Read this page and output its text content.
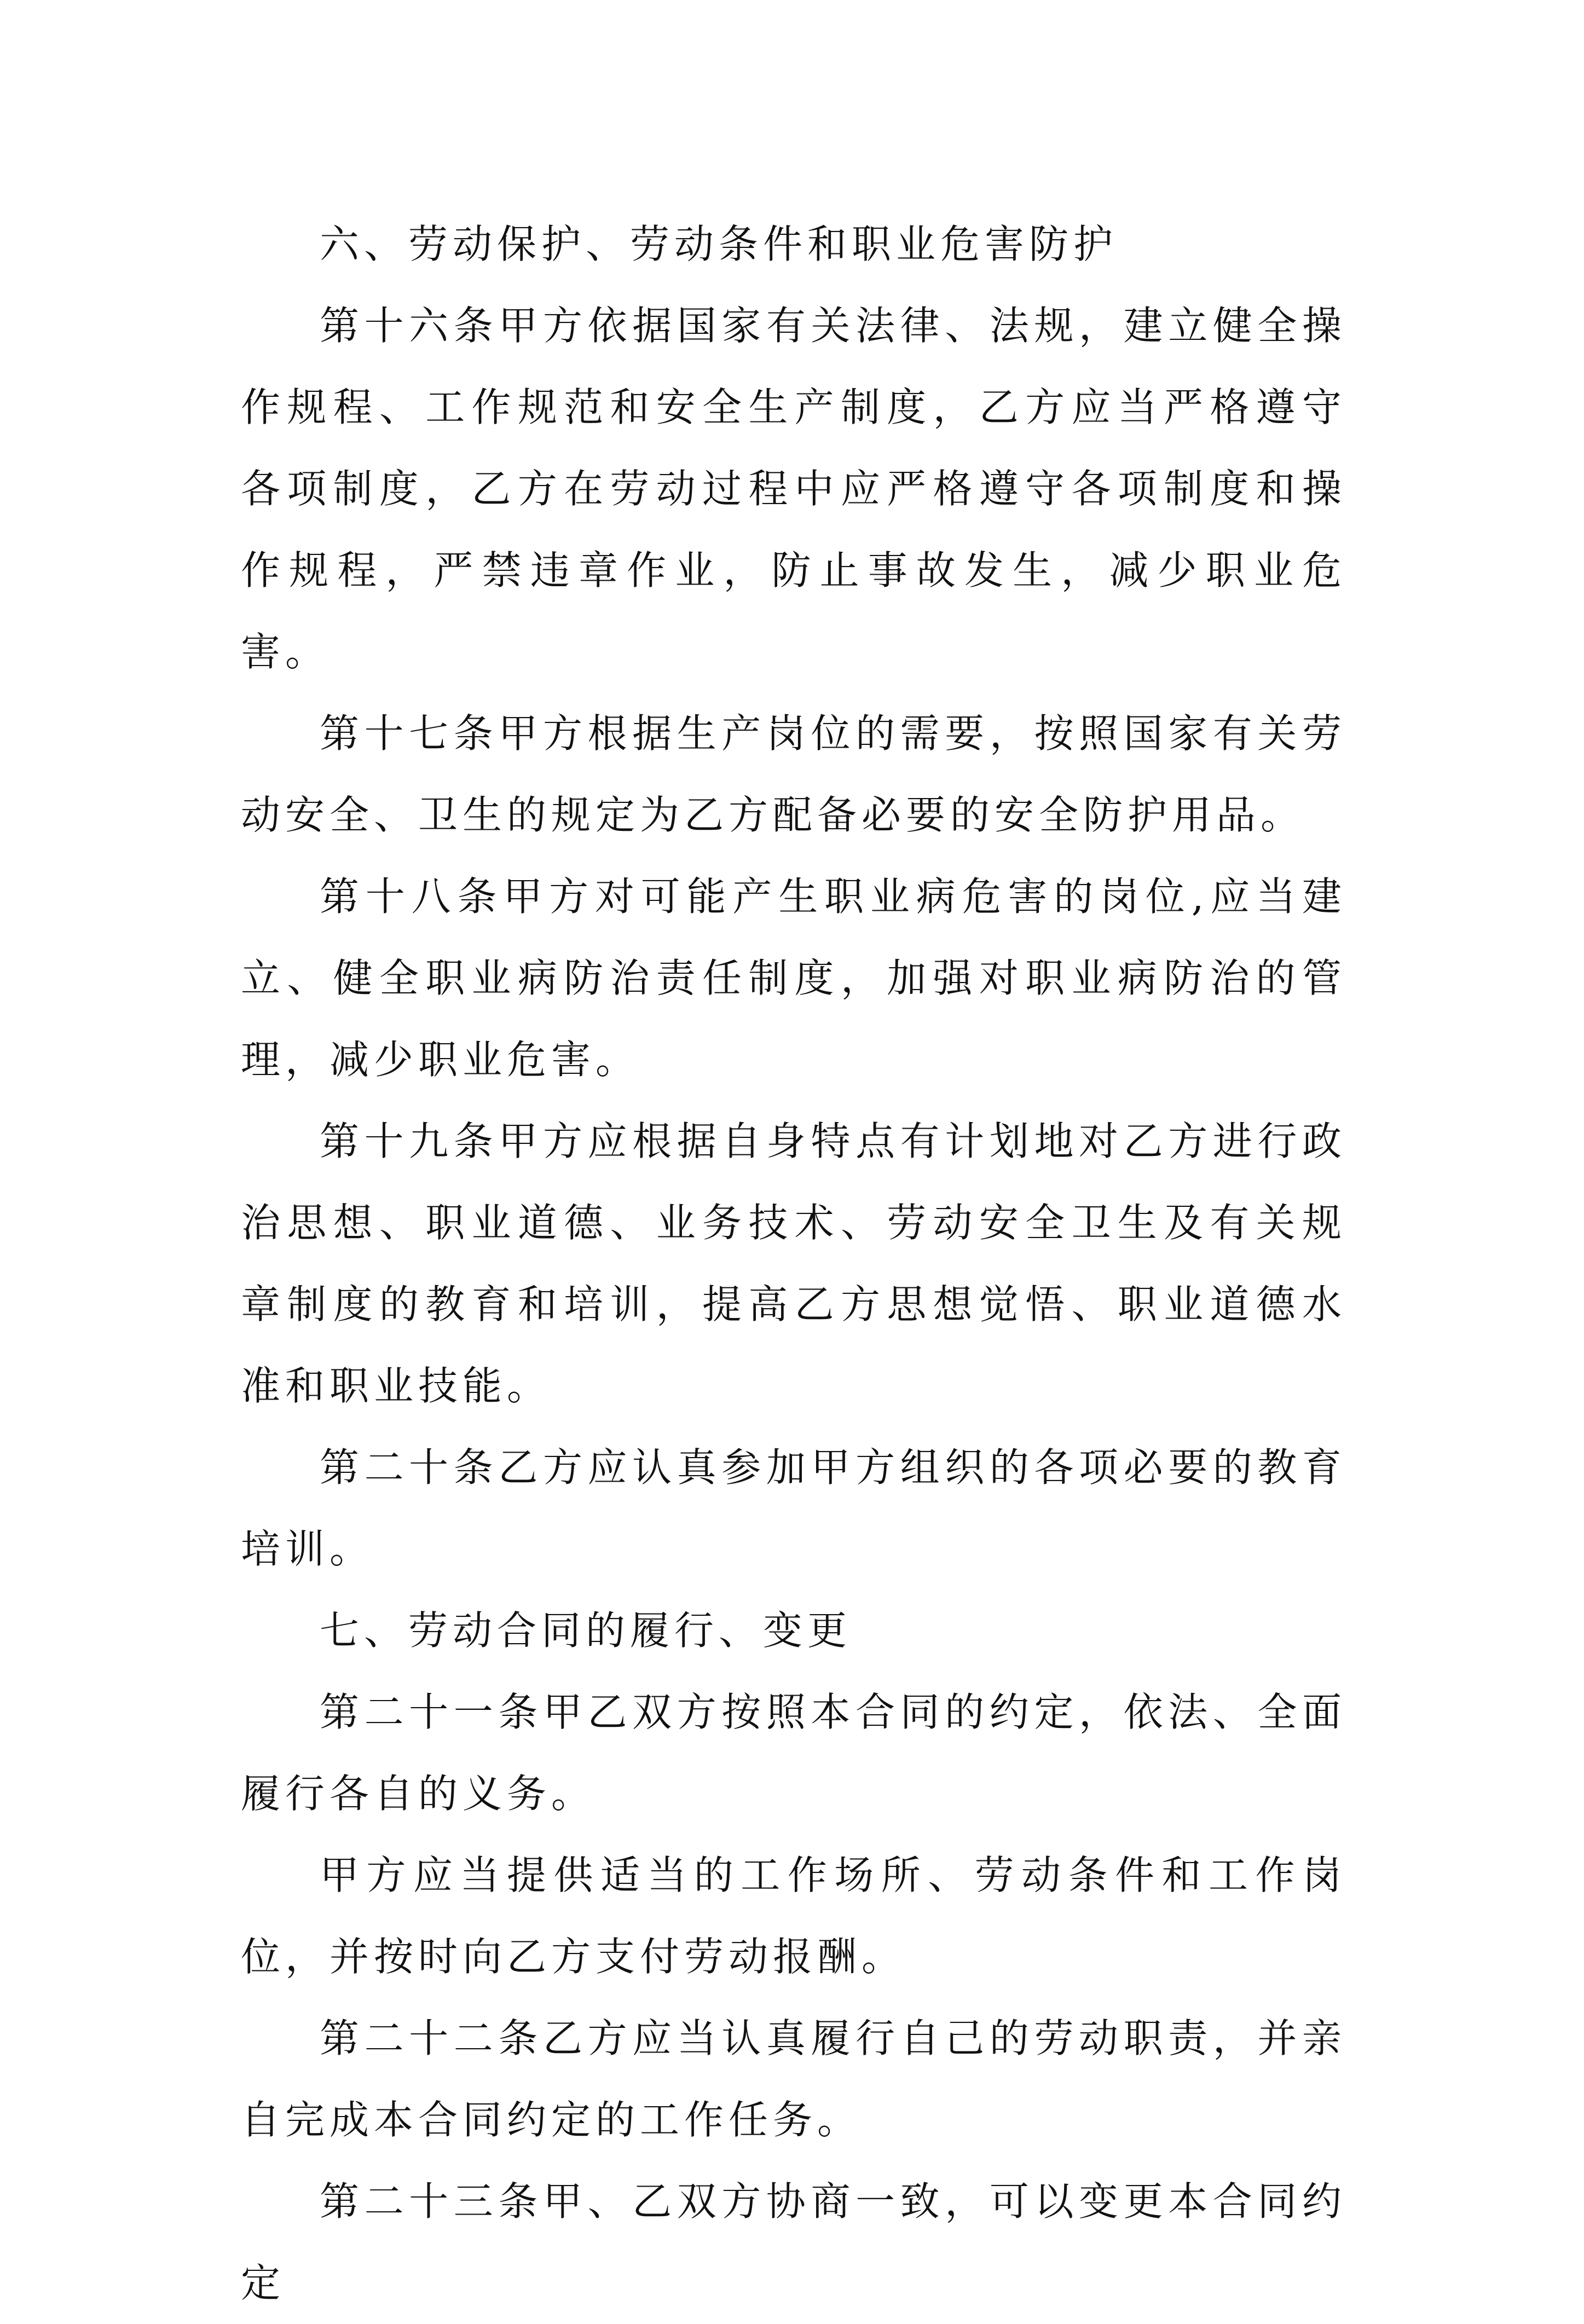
六、劳动保护、劳动条件和职业危害防护

第十六条甲方依据国家有关法律、法规，建立健全操作规程、工作规范和安全生产制度，乙方应当严格遵守各项制度，乙方在劳动过程中应严格遵守各项制度和操作规程，严禁违章作业，防止事故发生，减少职业危害。

第十七条甲方根据生产岗位的需要，按照国家有关劳动安全、卫生的规定为乙方配备必要的安全防护用品。

第十八条甲方对可能产生职业病危害的岗位,应当建立、健全职业病防治责任制度，加强对职业病防治的管理，减少职业危害。

第十九条甲方应根据自身特点有计划地对乙方进行政治思想、职业道德、业务技术、劳动安全卫生及有关规章制度的教育和培训，提高乙方思想觉悟、职业道德水准和职业技能。

第二十条乙方应认真参加甲方组织的各项必要的教育培训。

七、劳动合同的履行、变更

第二十一条甲乙双方按照本合同的约定，依法、全面履行各自的义务。

甲方应当提供适当的工作场所、劳动条件和工作岗位，并按时向乙方支付劳动报酬。

第二十二条乙方应当认真履行自己的劳动职责，并亲自完成本合同约定的工作任务。

第二十三条甲、乙双方协商一致，可以变更本合同约定
